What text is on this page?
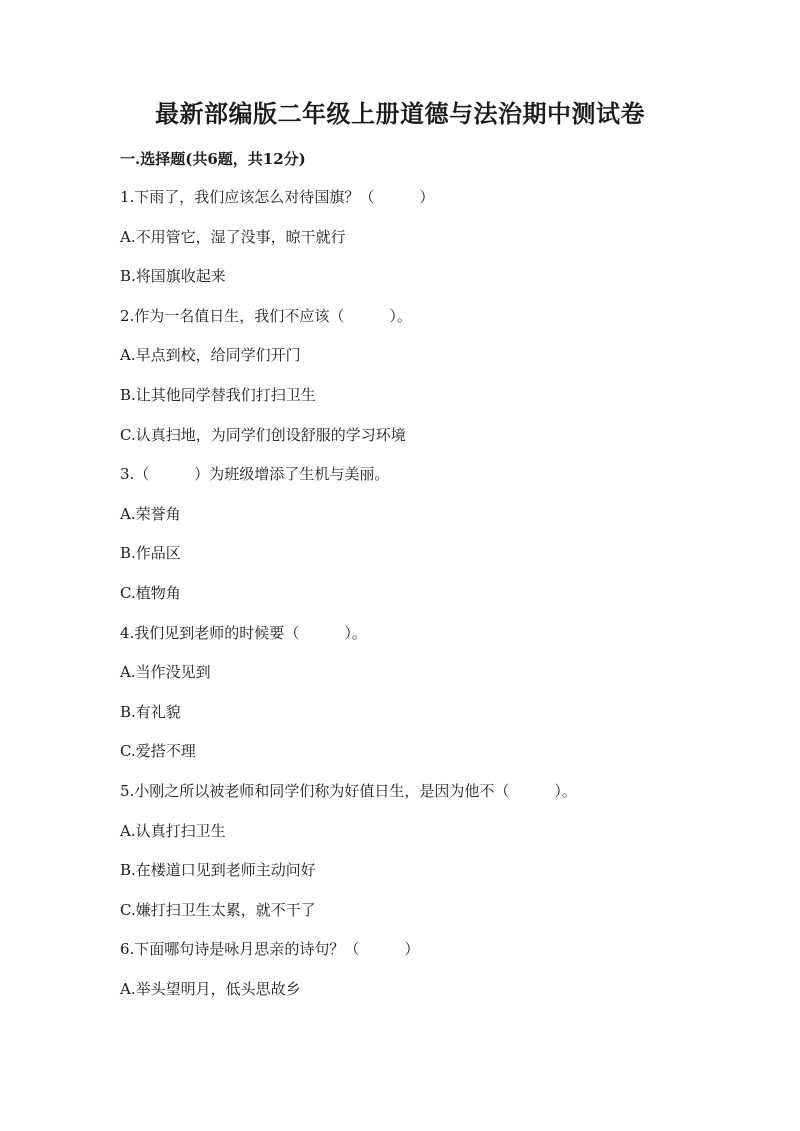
最新部编版二年级上册道德与法治期中测试卷
一.选择题(共6题，共12分)
1.下雨了，我们应该怎么对待国旗？（　　　）
A.不用管它，湿了没事，晾干就行
B.将国旗收起来
2.作为一名值日生，我们不应该（　　　）。
A.早点到校，给同学们开门
B.让其他同学替我们打扫卫生
C.认真扫地，为同学们创设舒服的学习环境
3.（　　　）为班级增添了生机与美丽。
A.荣誉角
B.作品区
C.植物角
4.我们见到老师的时候要（　　　）。
A.当作没见到
B.有礼貌
C.爱搭不理
5.小刚之所以被老师和同学们称为好值日生，是因为他不（　　　）。
A.认真打扫卫生
B.在楼道口见到老师主动问好
C.嫌打扫卫生太累，就不干了
6.下面哪句诗是咏月思亲的诗句？（　　　）
A.举头望明月，低头思故乡
